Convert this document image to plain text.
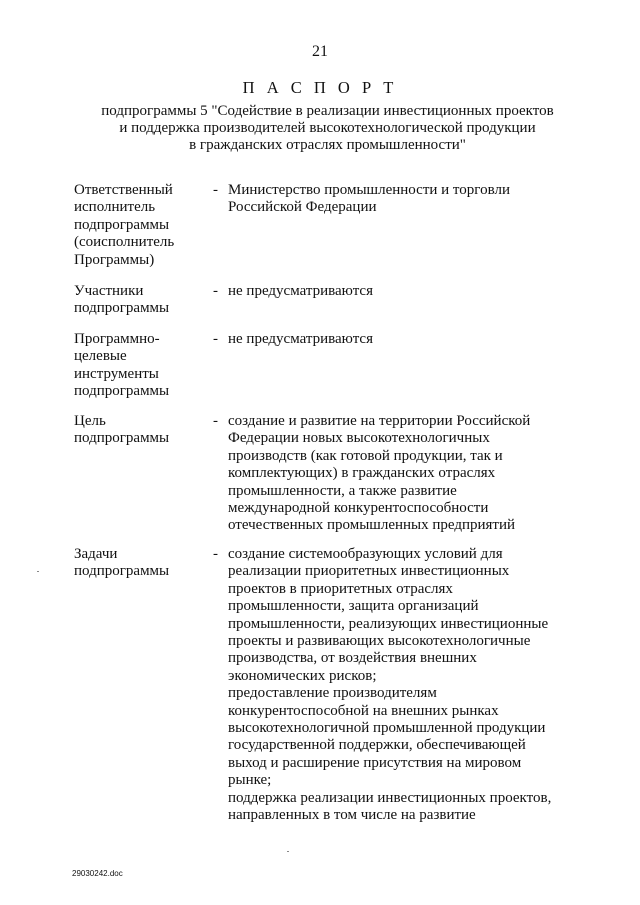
21
П А С П О Р Т
подпрограммы 5 "Содействие в реализации инвестиционных проектов
и поддержка производителей высокотехнологической продукции
в гражданских отраслях промышленности"
Ответственный
исполнитель
подпрограммы
(соисполнитель
Программы)
- Министерство промышленности и торговли
Российской Федерации
Участники
подпрограммы
- не предусматриваются
Программно-
целевые
инструменты
подпрограммы
- не предусматриваются
Цель
подпрограммы
- создание и развитие на территории Российской
Федерации новых высокотехнологичных
производств (как готовой продукции, так и
комплектующих) в гражданских отраслях
промышленности, а также развитие
международной конкурентоспособности
отечественных промышленных предприятий
Задачи
подпрограммы
- создание системообразующих условий для
реализации приоритетных инвестиционных
проектов в приоритетных отраслях
промышленности, защита организаций
промышленности, реализующих инвестиционные
проекты и развивающих высокотехнологичные
производства, от воздействия внешних
экономических рисков;
предоставление производителям
конкурентоспособной на внешних рынках
высокотехнологичной промышленной продукции
государственной поддержки, обеспечивающей
выход и расширение присутствия на мировом
рынке;
поддержка реализации инвестиционных проектов,
направленных в том числе на развитие
29030242.doc
